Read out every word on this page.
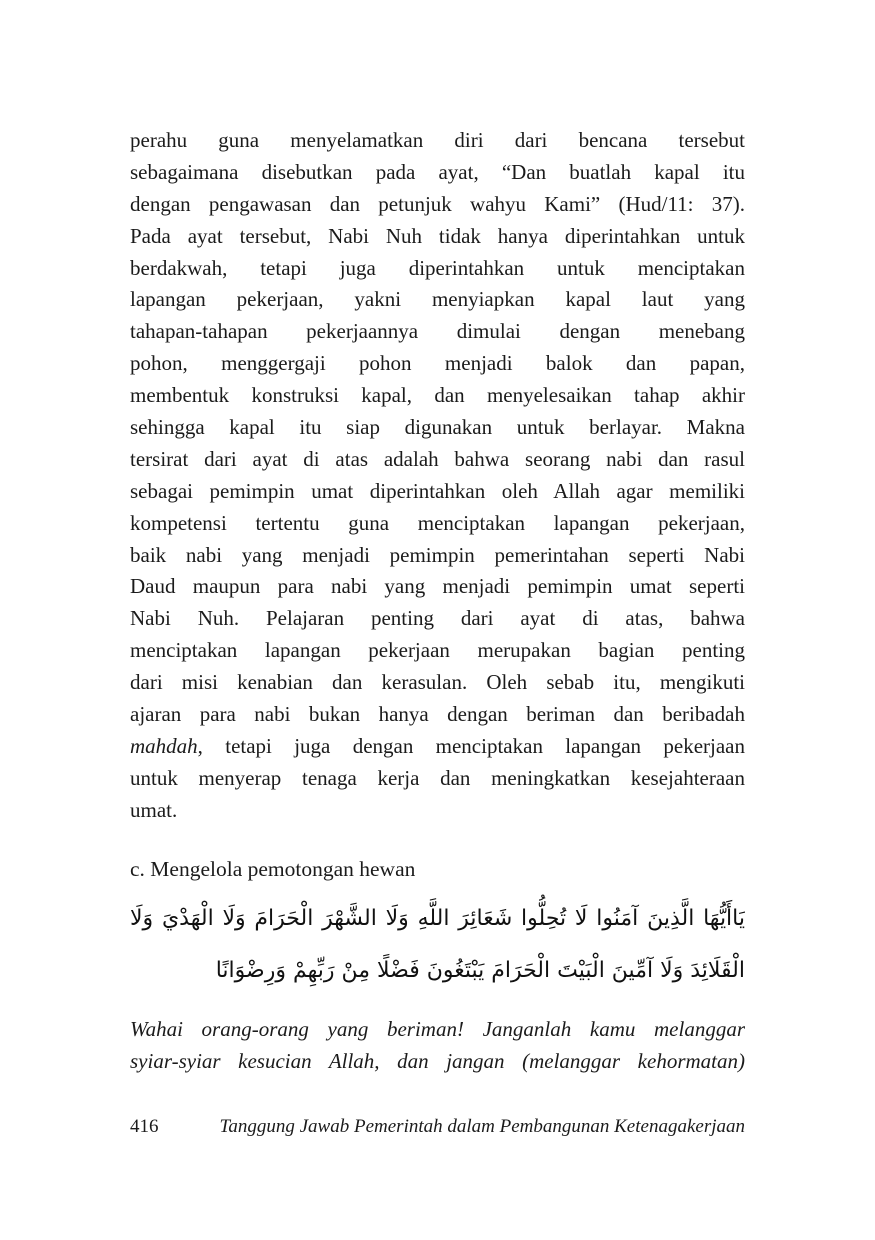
perahu guna menyelamatkan diri dari bencana tersebut
sebagaimana disebutkan pada ayat, “Dan buatlah kapal itu
dengan pengawasan dan petunjuk wahyu Kami” (Hud/11: 37).
Pada ayat tersebut, Nabi Nuh tidak hanya diperintahkan untuk
berdakwah, tetapi juga diperintahkan untuk menciptakan
lapangan pekerjaan, yakni menyiapkan kapal laut yang
tahapan-tahapan pekerjaannya dimulai dengan menebang
pohon, menggergaji pohon menjadi balok dan papan,
membentuk konstruksi kapal, dan menyelesaikan tahap akhir
sehingga kapal itu siap digunakan untuk berlayar. Makna
tersirat dari ayat di atas adalah bahwa seorang nabi dan rasul
sebagai pemimpin umat diperintahkan oleh Allah agar memiliki
kompetensi tertentu guna menciptakan lapangan pekerjaan,
baik nabi yang menjadi pemimpin pemerintahan seperti Nabi
Daud maupun para nabi yang menjadi pemimpin umat seperti
Nabi Nuh. Pelajaran penting dari ayat di atas, bahwa
menciptakan lapangan pekerjaan merupakan bagian penting
dari misi kenabian dan kerasulan. Oleh sebab itu, mengikuti
ajaran para nabi bukan hanya dengan beriman dan beribadah
mahdah, tetapi juga dengan menciptakan lapangan pekerjaan
untuk menyerap tenaga kerja dan meningkatkan kesejahteraan
umat.
c. Mengelola pemotongan hewan
يَاأَيُّهَا الَّذِينَ آمَنُوا لَا تُحِلُّوا شَعَائِرَ اللَّهِ وَلَا الشَّهْرَ الْحَرَامَ وَلَا الْهَدْيَ وَلَا
الْقَلَائِدَ وَلَا آمِّينَ الْبَيْتَ الْحَرَامَ يَبْتَغُونَ فَضْلًا مِنْ رَبِّهِمْ وَرِضْوَانًا
Wahai orang-orang yang beriman! Janganlah kamu melanggar
syiar-syiar kesucian Allah, dan jangan (melanggar kehormatan)
416	Tanggung Jawab Pemerintah dalam Pembangunan Ketenagakerjaan
